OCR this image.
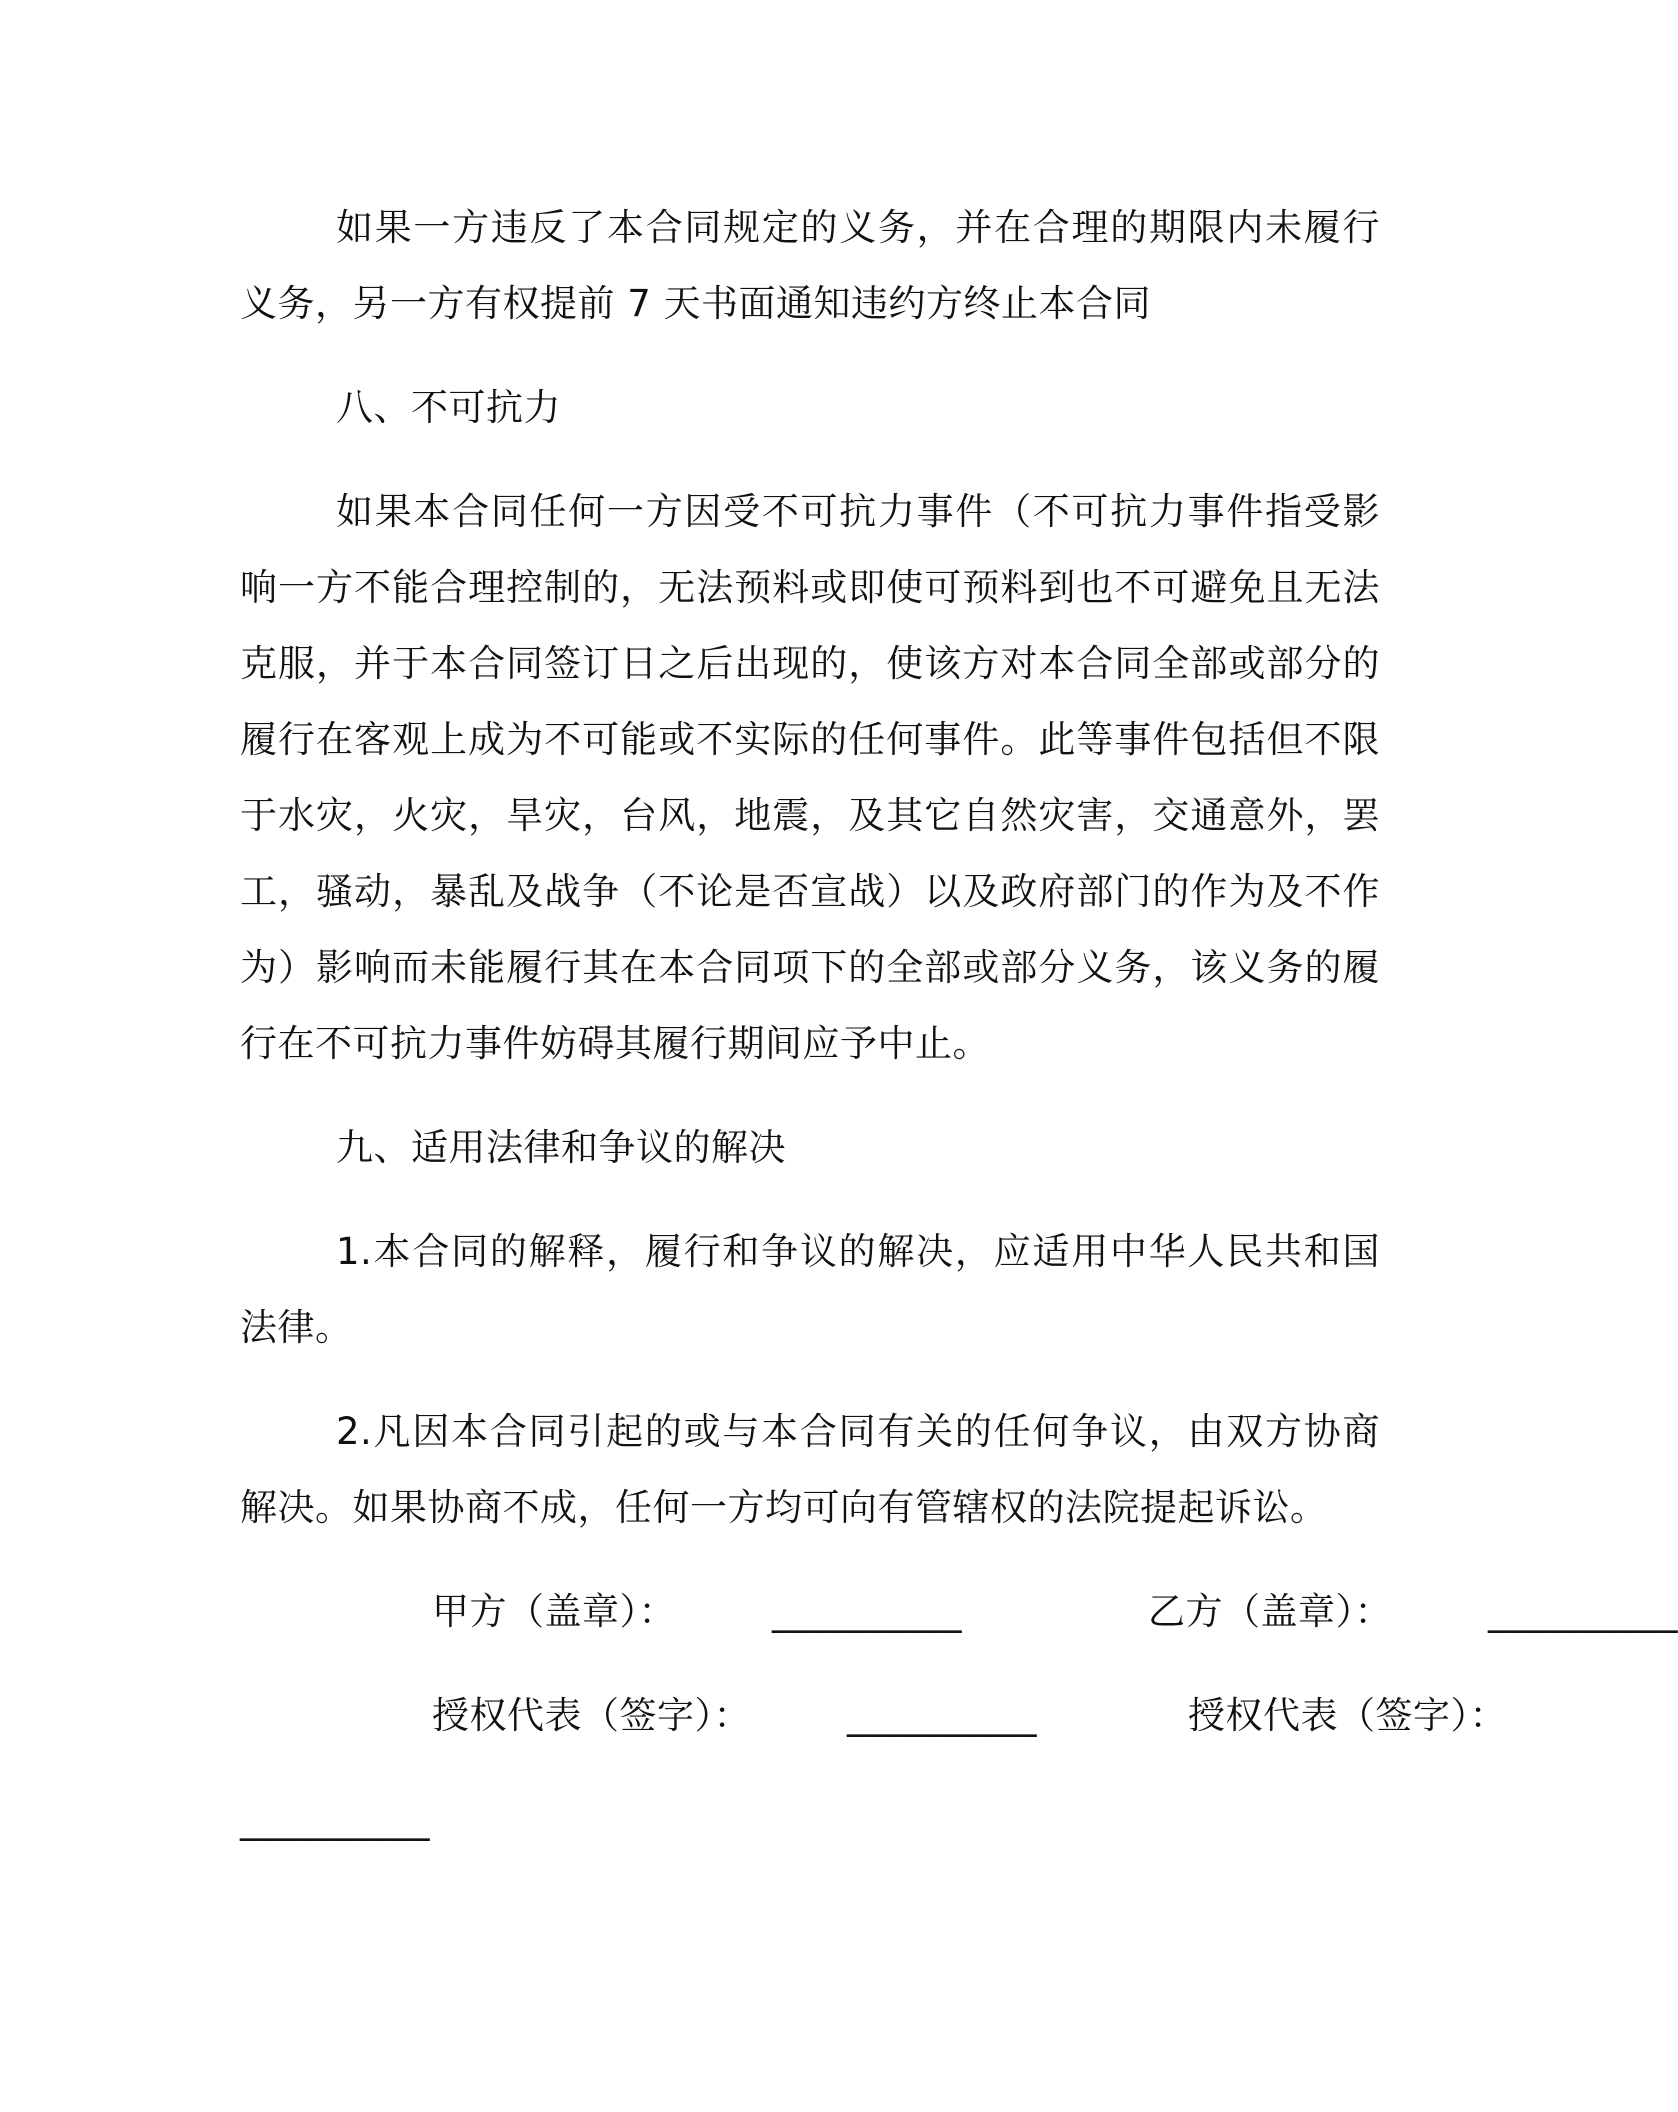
如果一方违反了本合同规定的义务，并在合理的期限内未履行义务，另一方有权提前 7 天书面通知违约方终止本合同

八、不可抗力

如果本合同任何一方因受不可抗力事件（不可抗力事件指受影响一方不能合理控制的，无法预料或即使可预料到也不可避免且无法克服，并于本合同签订日之后出现的，使该方对本合同全部或部分的履行在客观上成为不可能或不实际的任何事件。此等事件包括但不限于水灾，火灾，旱灾，台风，地震，及其它自然灾害，交通意外，罢工，骚动，暴乱及战争（不论是否宣战）以及政府部门的作为及不作为）影响而未能履行其在本合同项下的全部或部分义务，该义务的履行在不可抗力事件妨碍其履行期间应予中止。

九、适用法律和争议的解决

1.本合同的解释，履行和争议的解决，应适用中华人民共和国法律。

2.凡因本合同引起的或与本合同有关的任何争议，由双方协商解决。如果协商不成，任何一方均可向有管辖权的法院提起诉讼。

甲方（盖章）：	__________	乙方（盖章）：	__________

授权代表（签字）：	__________	授权代表（签字）：

__________
